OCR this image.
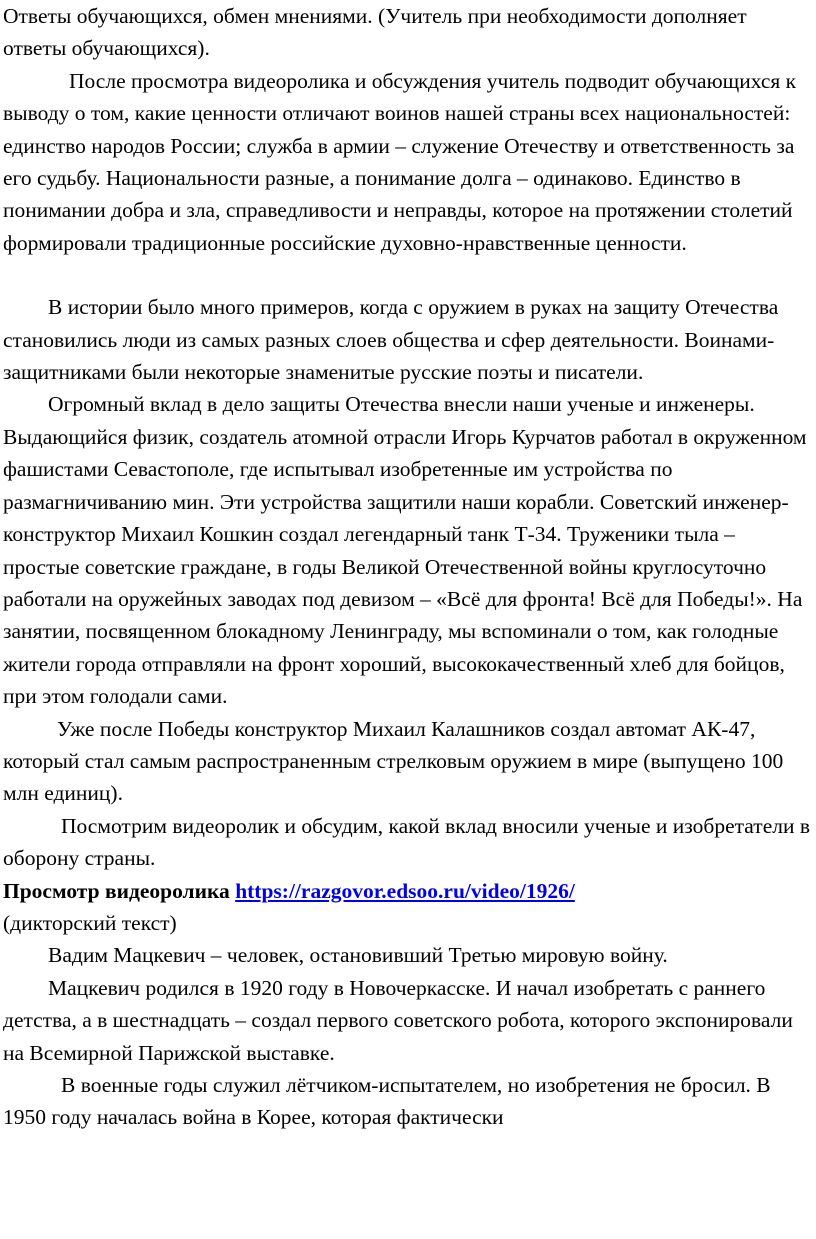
Ответы обучающихся, обмен мнениями. (Учитель при необходимости дополняет ответы обучающихся).

После просмотра видеоролика и обсуждения учитель подводит обучающихся к выводу о том, какие ценности отличают воинов нашей страны всех национальностей: единство народов России; служба в армии – служение Отечеству и ответственность за его судьбу. Национальности разные, а понимание долга – одинаково. Единство в понимании добра и зла, справедливости и неправды, которое на протяжении столетий формировали традиционные российские духовно-нравственные ценности.

В истории было много примеров, когда с оружием в руках на защиту Отечества становились люди из самых разных слоев общества и сфер деятельности. Воинами-защитниками были некоторые знаменитые русские поэты и писатели.

Огромный вклад в дело защиты Отечества внесли наши ученые и инженеры. Выдающийся физик, создатель атомной отрасли Игорь Курчатов работал в окруженном фашистами Севастополе, где испытывал изобретенные им устройства по размагничиванию мин. Эти устройства защитили наши корабли. Советский инженер-конструктор Михаил Кошкин создал легендарный танк Т-34. Труженики тыла – простые советские граждане, в годы Великой Отечественной войны круглосуточно работали на оружейных заводах под девизом – «Всё для фронта! Всё для Победы!». На занятии, посвященном блокадному Ленинграду, мы вспоминали о том, как голодные жители города отправляли на фронт хороший, высококачественный хлеб для бойцов, при этом голодали сами.

Уже после Победы конструктор Михаил Калашников создал автомат АК-47, который стал самым распространенным стрелковым оружием в мире (выпущено 100 млн единиц).

Посмотрим видеоролик и обсудим, какой вклад вносили ученые и изобретатели в оборону страны.

Просмотр видеоролика https://razgovor.edsoo.ru/video/1926/

(дикторский текст)

Вадим Мацкевич – человек, остановивший Третью мировую войну.

Мацкевич родился в 1920 году в Новочеркасске. И начал изобретать с раннего детства, а в шестнадцать – создал первого советского робота, которого экспонировали на Всемирной Парижской выставке.

В военные годы служил лётчиком-испытателем, но изобретения не бросил. В 1950 году началась война в Корее, которая фактически
